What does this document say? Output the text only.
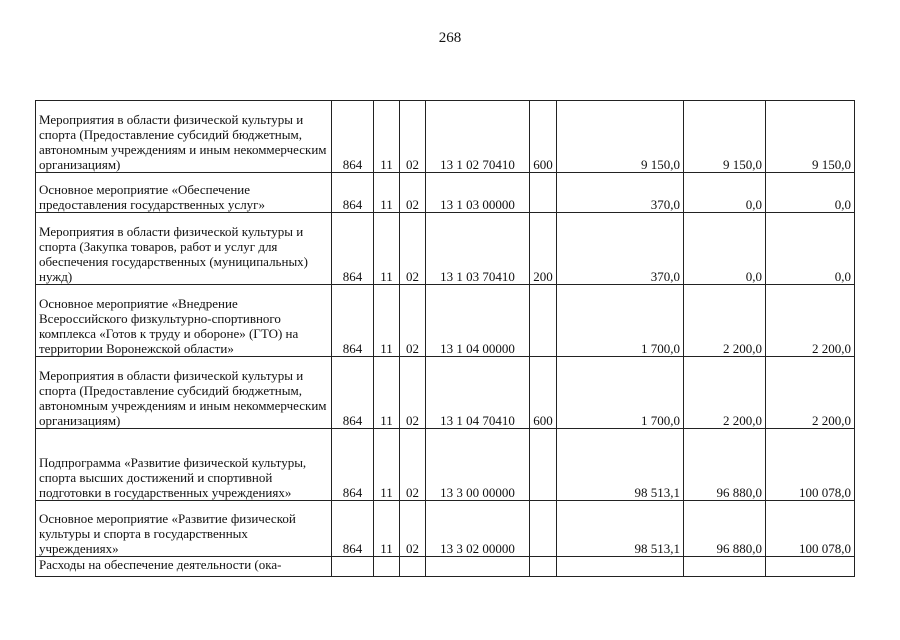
268
Мероприятия в области физической культуры и спорта (Предоставление субсидий бюджетным, автономным учреждениям и иным некоммерческим организациям)	864	11	02	13 1 02 70410	600	9 150,0	9 150,0	9 150,0
Основное мероприятие «Обеспечение предоставления государственных услуг»	864	11	02	13 1 03 00000		370,0	0,0	0,0
Мероприятия в области физической культуры и спорта (Закупка товаров, работ и услуг для обеспечения государственных (муниципальных) нужд)	864	11	02	13 1 03 70410	200	370,0	0,0	0,0
Основное мероприятие «Внедрение Всероссийского физкультурно-спортивного комплекса «Готов к труду и обороне» (ГТО) на территории Воронежской области»	864	11	02	13 1 04 00000		1 700,0	2 200,0	2 200,0
Мероприятия в области физической культуры и спорта (Предоставление субсидий бюджетным, автономным учреждениям и иным некоммерческим организациям)	864	11	02	13 1 04 70410	600	1 700,0	2 200,0	2 200,0
Подпрограмма «Развитие физической культуры, спорта высших достижений и спортивной подготовки в государственных учреждениях»	864	11	02	13 3 00 00000		98 513,1	96 880,0	100 078,0
Основное мероприятие «Развитие физической культуры и спорта в государственных учреждениях»	864	11	02	13 3 02 00000		98 513,1	96 880,0	100 078,0
Расходы на обеспечение деятельности (ока-								
